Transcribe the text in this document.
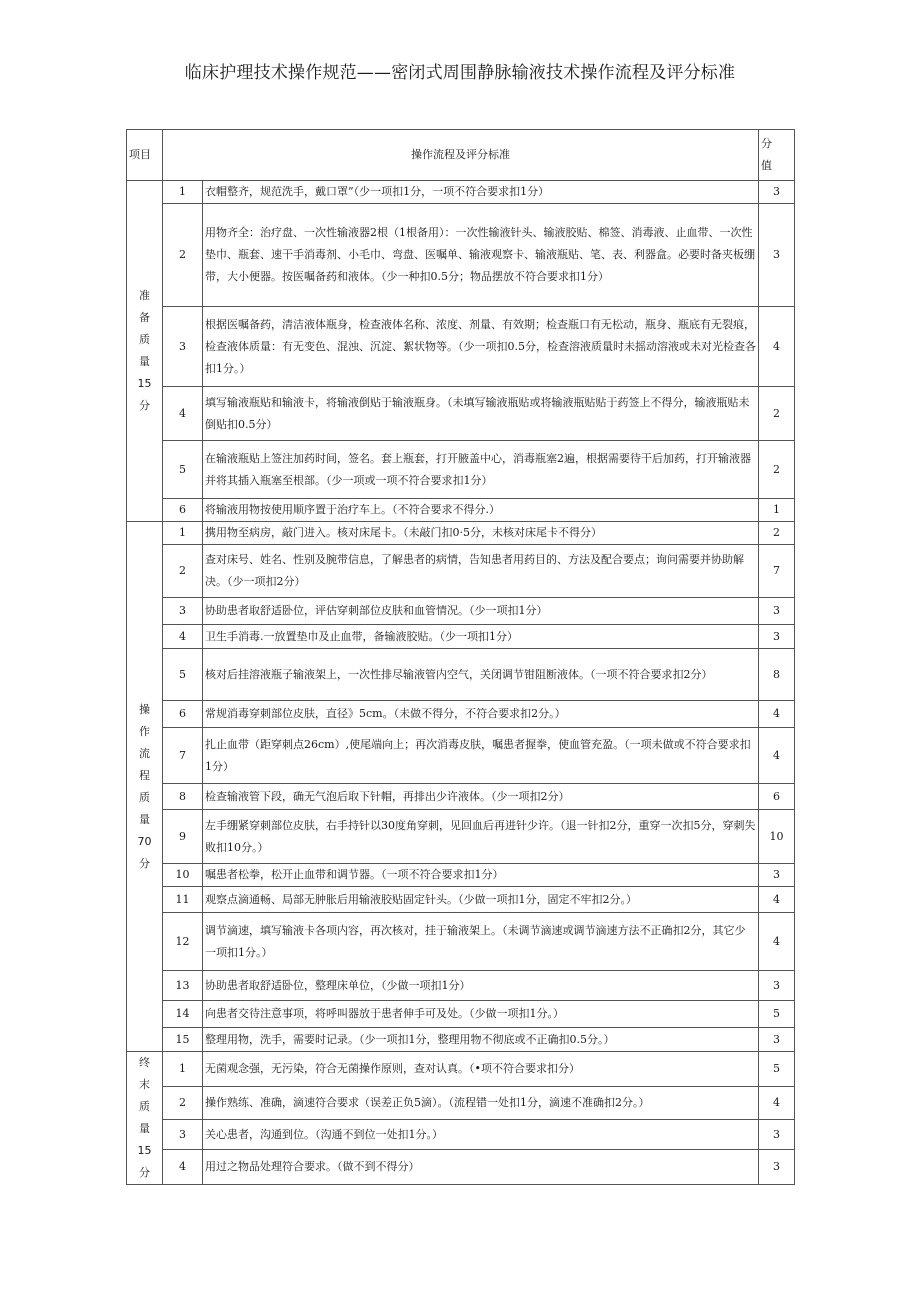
临床护理技术操作规范——密闭式周围静脉输液技术操作流程及评分标准
项目	操作流程及评分标准		分值
准备质量15分	1	衣帽整齐，规范洗手，戴口罩”（少一项扣1分，一项不符合要求扣1分）	3
	2	用物齐全：治疗盘、一次性输液器2根（1根备用）：一次性输液针头、输液胶贴、棉签、消毒液、止血带、一次性垫巾、瓶套、速干手消毒剂、小毛巾、弯盘、医嘱单、输液观察卡、输液瓶贴、笔、表、利器盒。必要时备夹板绷带，大小便器。按医嘱备药和液体。（少一种扣0.5分；物品摆放不符合要求扣1分）	3
	3	根据医嘱备药，清洁液体瓶身，检查液体名称、浓度、剂量、有效期；检查瓶口有无松动，瓶身、瓶底有无裂痕，检查液体质量：有无变色、混浊、沉淀、絮状物等。（少一项扣0.5分，检查溶液质量时未摇动溶液或未对光检查各扣1分。）	4
	4	填写输液瓶贴和输液卡，将输液倒贴于输液瓶身。（未填写输液瓶贴或将输液瓶贴贴于药签上不得分，输液瓶贴未倒贴扣0.5分）	2
	5	在输液瓶贴上签注加药时间，签名。套上瓶套，打开腋盖中心，消毒瓶塞2遍，根据需要待干后加药，打开输液器并将其插入瓶塞至根部。（少一项或一项不符合要求扣1分）	2
	6	将输液用物按使用顺序置于治疗车上。（不符合要求不得分.）	1
操作流程质量70分	1	携用物至病房，敲门进入。核对床尾卡。（未敲门扣0·5分，未核对床尾卡不得分）	2
	2	查对床号、姓名、性别及腕带信息，了解患者的病情，告知患者用药目的、方法及配合要点；询问需要并协助解决。（少一项扣2分）	7
	3	协助患者取舒适卧位，评估穿刺部位皮肤和血管情况。（少一项扣1分）	3
	4	卫生手消毒.一放置垫巾及止血带，备输液胶贴。（少一项扣1分）	3
	5	核对后挂溶液瓶子输液架上，一次性排尽输液管内空气，关闭调节钳阻断液体。（一项不符合要求扣2分）	8
	6	常规消毒穿刺部位皮肤，直径》5cm。（未做不得分，不符合要求扣2分。）	4
	7	扎止血带（距穿刺点26cm）,使尾端向上；再次消毒皮肤，嘱患者握拳，使血管充盈。（一项未做或不符合要求扣1分）	4
	8	检查输液管下段，确无气泡后取下针帽，再排出少许液体。（少一项扣2分）	6
	9	左手绷紧穿刺部位皮肤，右手持针以30度角穿刺，见回血后再进针少许。（退一针扣2分，重穿一次扣5分，穿刺失败扣10分。）	10
	10	嘱患者松拳，松开止血带和调节器。（一项不符合要求扣1分）	3
	11	观察点滴通畅、局部无肿胀后用输液胶贴固定针头。（少做一项扣1分，固定不牢扣2分。）	4
	12	调节滴速，填写输液卡各项内容，再次核对，挂于输液架上。（未调节滴速或调节滴速方法不正确扣2分，其它少一项扣1分。）	4
	13	协助患者取舒适卧位，整理床单位，（少做一项扣1分）	3
	14	向患者交待注意事项，将呼叫器放于患者伸手可及处。（少做一项扣1分。）	5
	15	整理用物，洗手，需要时记录。（少一项扣1分，整理用物不彻底或不正确扣0.5分。）	3
终末质量15分	1	无菌观念强，无污染，符合无菌操作原则，查对认真。（•项不符合要求扣分）	5
	2	操作熟练、准确，滴速符合要求（误差正负5滴）。（流程错一处扣1分，滴速不准确扣2分。）	4
	3	关心患者，沟通到位。（沟通不到位一处扣1分。）	3
	4	用过之物品处理符合要求。（做不到不得分）	3
